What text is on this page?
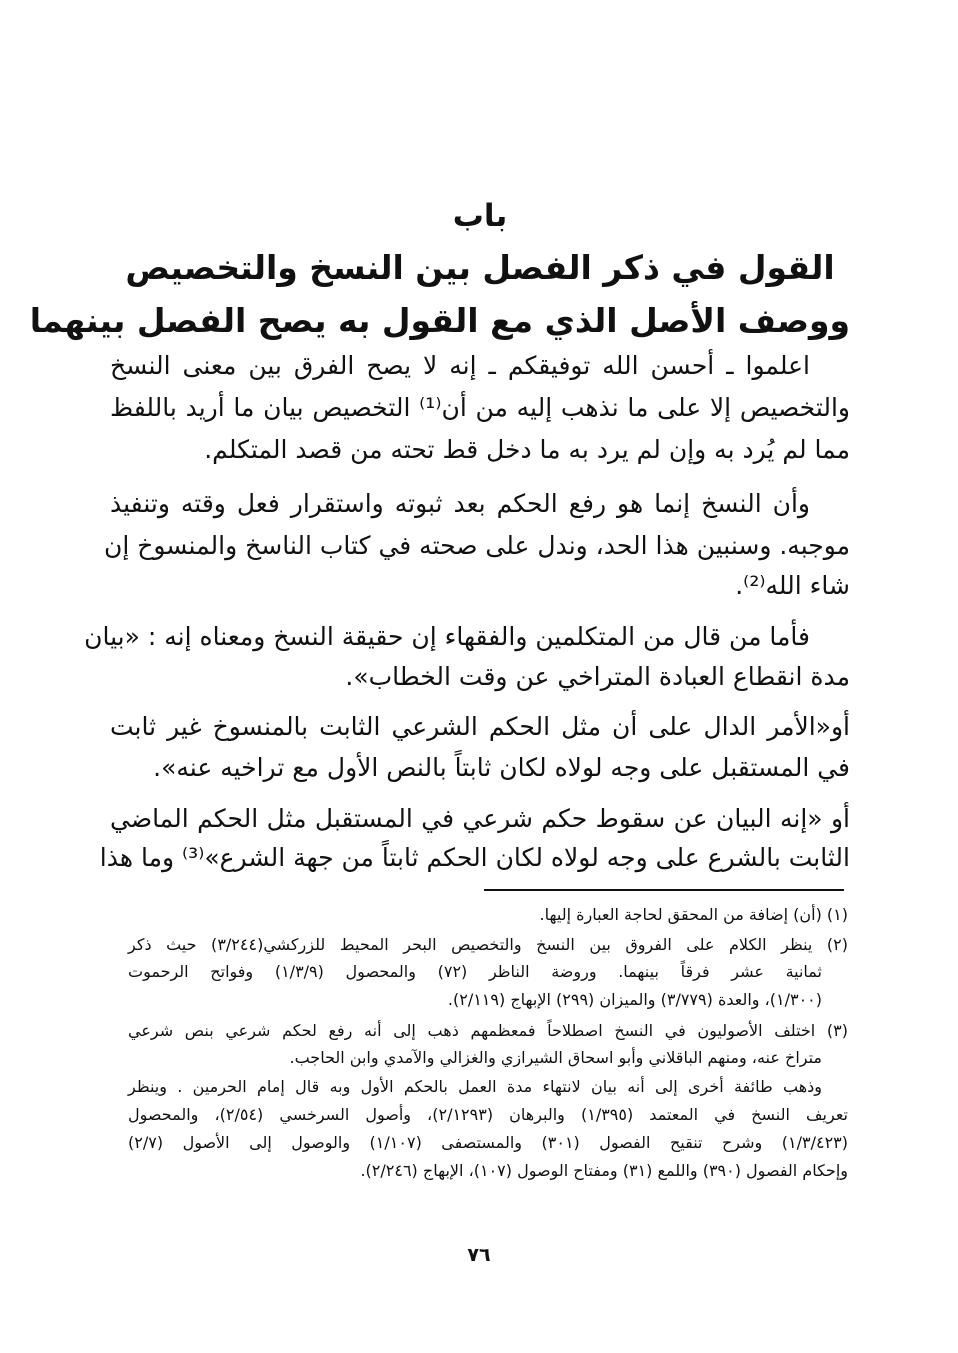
باب
القول في ذكر الفصل بين النسخ والتخصيص
ووصف الأصل الذي مع القول به يصح الفصل بينهما
اعلموا ـ أحسن الله توفيقكم ـ إنه لا يصح الفرق بين معنى النسخ
والتخصيص إلا على ما نذهب إليه من أن⁽¹⁾ التخصيص بيان ما أريد باللفظ
مما لم يُرد به وإن لم يرد به ما دخل قط تحته من قصد المتكلم.
وأن النسخ إنما هو رفع الحكم بعد ثبوته واستقرار فعل وقته وتنفيذ
موجبه. وسنبين هذا الحد، وندل على صحته في كتاب الناسخ والمنسوخ إن
شاء الله⁽²⁾.
فأما من قال من المتكلمين والفقهاء إن حقيقة النسخ ومعناه إنه : «بيان
مدة انقطاع العبادة المتراخي عن وقت الخطاب».
أو«الأمر الدال على أن مثل الحكم الشرعي الثابت بالمنسوخ غير ثابت
في المستقبل على وجه لولاه لكان ثابتاً بالنص الأول مع تراخيه عنه».
أو «إنه البيان عن سقوط حكم شرعي في المستقبل مثل الحكم الماضي
الثابت بالشرع على وجه لولاه لكان الحكم ثابتاً من جهة الشرع»⁽³⁾ وما هذا
(١) (أن) إضافة من المحقق لحاجة العبارة إليها.
(٢) ينظر الكلام على الفروق بين النسخ والتخصيص البحر المحيط للزركشي(٣/٢٤٤) حيث ذكر
ثمانية عشر فرقاً بينهما. وروضة الناظر (٧٢) والمحصول (١/٣/٩) وفواتح الرحموت
(١/٣٠٠)، والعدة (٣/٧٧٩) والميزان (٢٩٩) الإبهاج (٢/١١٩).
(٣) اختلف الأصوليون في النسخ اصطلاحاً فمعظمهم ذهب إلى أنه رفع لحكم شرعي بنص شرعي
متراخ عنه، ومنهم الباقلاني وأبو اسحاق الشيرازي والغزالي والآمدي وابن الحاجب.
وذهب طائفة أخرى إلى أنه بيان لانتهاء مدة العمل بالحكم الأول وبه قال إمام الحرمين . وينظر
تعريف النسخ في المعتمد (١/٣٩٥) والبرهان (٢/١٢٩٣)، وأصول السرخسي (٢/٥٤)، والمحصول
(١/٣/٤٢٣) وشرح تنقيح الفصول (٣٠١) والمستصفى (١/١٠٧) والوصول إلى الأصول (٢/٧)
وإحكام الفصول (٣٩٠) واللمع (٣١) ومفتاح الوصول (١٠٧)، الإبهاج (٢/٢٤٦).
٧٦
